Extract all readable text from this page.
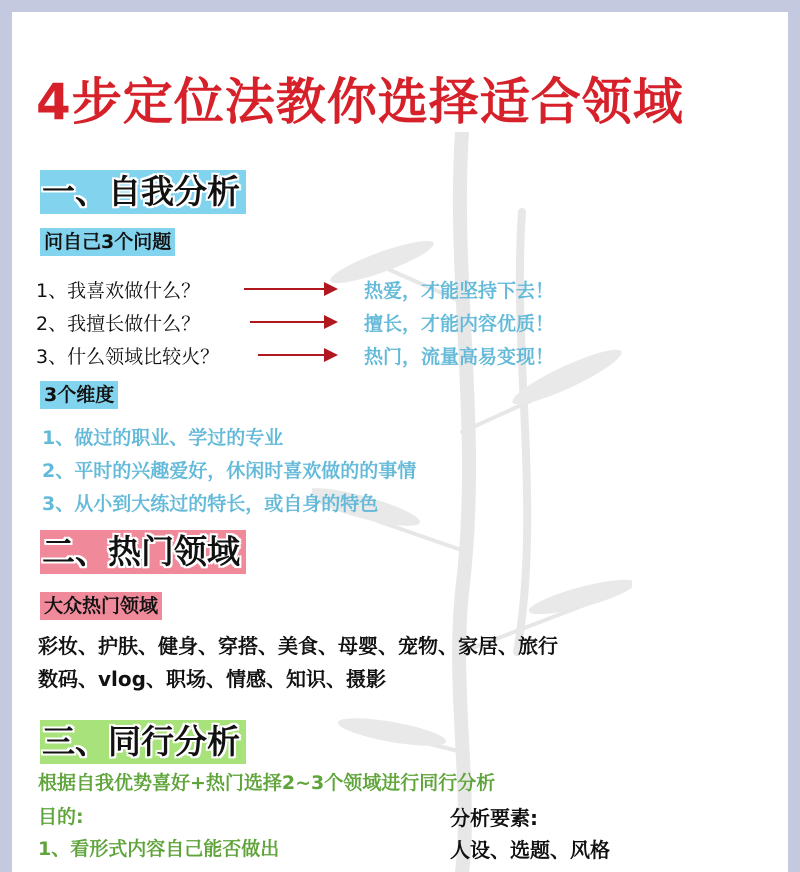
4步定位法教你选择适合领域
一、自我分析
问自己3个问题
1、我喜欢做什么？	热爱，才能坚持下去！
2、我擅长做什么？	擅长，才能内容优质！
3、什么领域比较火？	热门，流量高易变现！
3个维度
1、做过的职业、学过的专业
2、平时的兴趣爱好，休闲时喜欢做的的事情
3、从小到大练过的特长，或自身的特色
二、热门领域
大众热门领域
彩妆、护肤、健身、穿搭、美食、母婴、宠物、家居、旅行
数码、vlog、职场、情感、知识、摄影
三、同行分析
根据自我优势喜好+热门选择2~3个领域进行同行分析
目的:
1、看形式内容自己能否做出
分析要素:
人设、选题、风格
